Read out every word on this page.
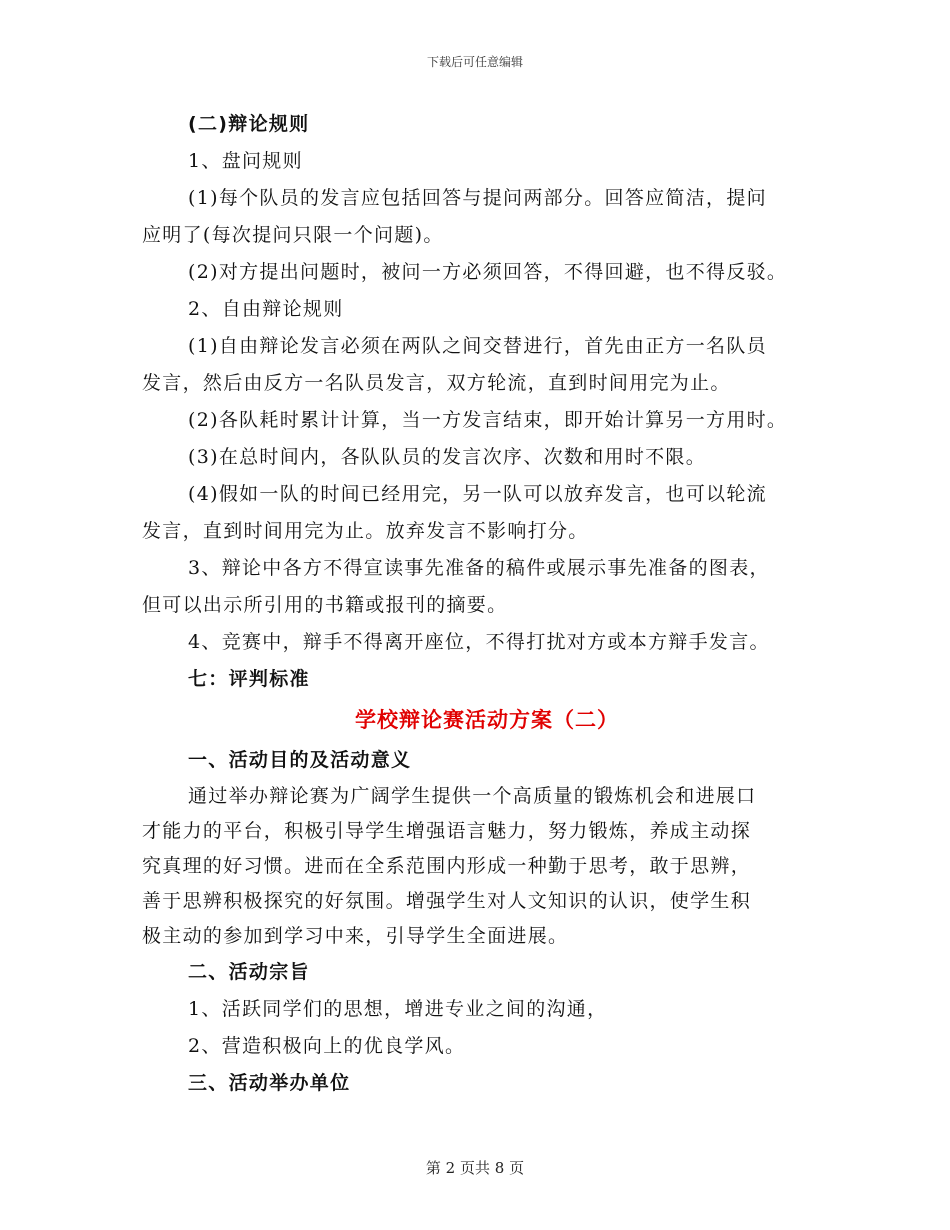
下载后可任意编辑
(二)辩论规则
1、盘问规则
(1)每个队员的发言应包括回答与提问两部分。回答应简洁，提问
应明了(每次提问只限一个问题)。
(2)对方提出问题时，被问一方必须回答，不得回避，也不得反驳。
2、自由辩论规则
(1)自由辩论发言必须在两队之间交替进行，首先由正方一名队员
发言，然后由反方一名队员发言，双方轮流，直到时间用完为止。
(2)各队耗时累计计算，当一方发言结束，即开始计算另一方用时。
(3)在总时间内，各队队员的发言次序、次数和用时不限。
(4)假如一队的时间已经用完，另一队可以放弃发言，也可以轮流
发言，直到时间用完为止。放弃发言不影响打分。
3、辩论中各方不得宣读事先准备的稿件或展示事先准备的图表，
但可以出示所引用的书籍或报刊的摘要。
4、竞赛中，辩手不得离开座位，不得打扰对方或本方辩手发言。
七：评判标准
学校辩论赛活动方案（二）
一、活动目的及活动意义
通过举办辩论赛为广阔学生提供一个高质量的锻炼机会和进展口
才能力的平台，积极引导学生增强语言魅力，努力锻炼，养成主动探
究真理的好习惯。进而在全系范围内形成一种勤于思考，敢于思辨，
善于思辨积极探究的好氛围。增强学生对人文知识的认识，使学生积
极主动的参加到学习中来，引导学生全面进展。
二、活动宗旨
1、活跃同学们的思想，增进专业之间的沟通，
2、营造积极向上的优良学风。
三、活动举办单位
第 2 页共 8 页
